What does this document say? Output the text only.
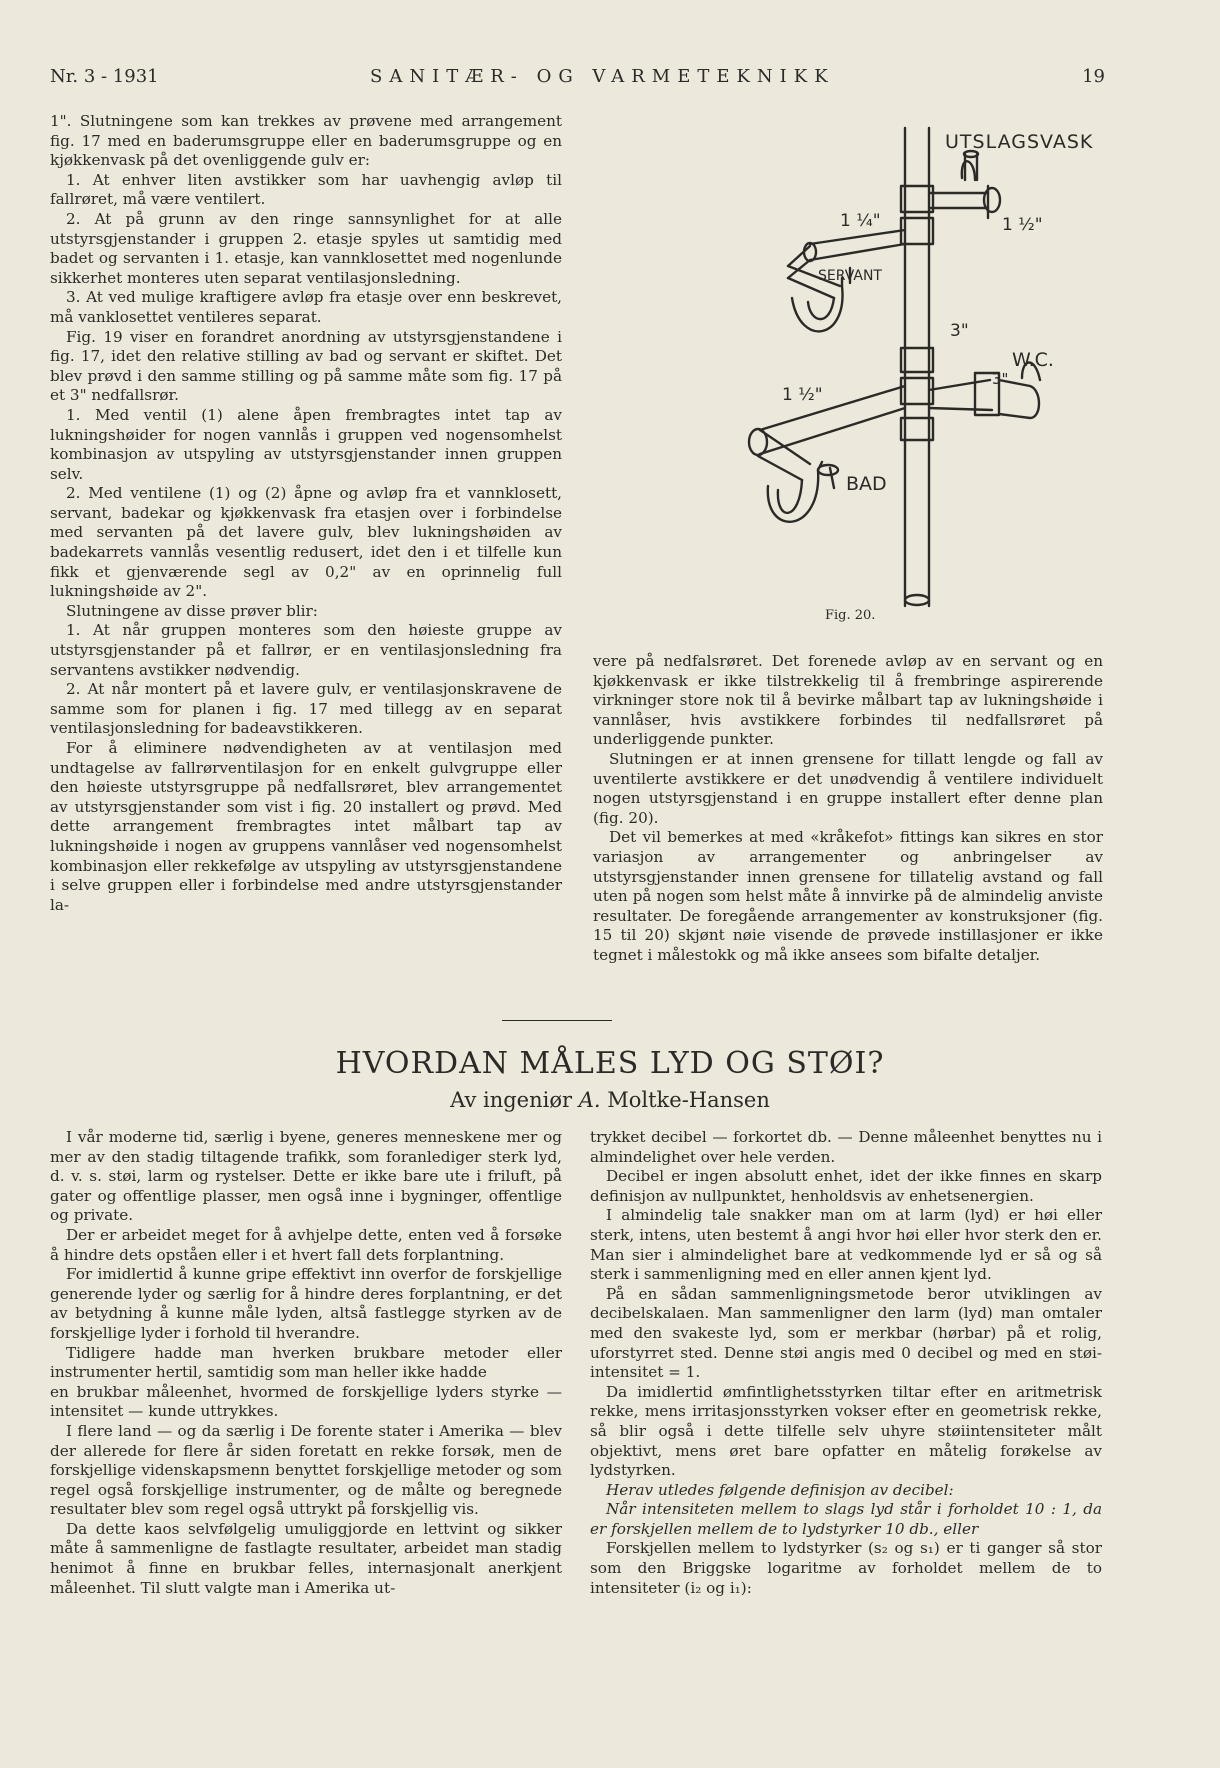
Nr. 3 - 1931	SANITÆR- OG VARMETEKNIKK	19

1". Slutningene som kan trekkes av prøvene med arrangement fig. 17 med en baderumsgruppe eller en baderumsgruppe og en kjøkkenvask på det ovenliggende gulv er:

1. At enhver liten avstikker som har uavhengig avløp til fallrøret, må være ventilert.

2. At på grunn av den ringe sannsynlighet for at alle utstyrsgjenstander i gruppen 2. etasje spyles ut samtidig med badet og servanten i 1. etasje, kan vannklosettet med nogenlunde sikkerhet monteres uten separat ventilasjonsledning.

3. At ved mulige kraftigere avløp fra etasje over enn beskrevet, må vanklosettet ventileres separat.

Fig. 19 viser en forandret anordning av utstyrsgjenstandene i fig. 17, idet den relative stilling av bad og servant er skiftet. Det blev prøvd i den samme stilling og på samme måte som fig. 17 på et 3" nedfallsrør.

1. Med ventil (1) alene åpen frembragtes intet tap av lukningshøider for nogen vannlås i gruppen ved nogensomhelst kombinasjon av utspyling av utstyrsgjenstander innen gruppen selv.

2. Med ventilene (1) og (2) åpne og avløp fra et vannklosett, servant, badekar og kjøkkenvask fra etasjen over i forbindelse med servanten på det lavere gulv, blev lukningshøiden av badekarrets vannlås vesentlig redusert, idet den i et tilfelle kun fikk et gjenværende segl av 0,2" av en oprinnelig full lukningshøide av 2".

Slutningene av disse prøver blir:

1. At når gruppen monteres som den høieste gruppe av utstyrsgjenstander på et fallrør, er en ventilasjonsledning fra servantens avstikker nødvendig.

2. At når montert på et lavere gulv, er ventilasjonskravene de samme som for planen i fig. 17 med tillegg av en separat ventilasjonsledning for badeavstikkeren.

For å eliminere nødvendigheten av at ventilasjon med undtagelse av fallrørventilasjon for en enkelt gulvgruppe eller den høieste utstyrsgruppe på nedfallsrøret, blev arrangementet av utstyrsgjenstander som vist i fig. 20 installert og prøvd. Med dette arrangement frembragtes intet målbart tap av lukningshøide i nogen av gruppens vannlåser ved nogensomhelst kombinasjon eller rekkefølge av utspyling av utstyrsgjenstandene i selve gruppen eller i forbindelse med andre utstyrsgjenstander la-

UTSLAGSVASK
1 ½"
1 ¼"
SERVANT
3"
W.C.
3"
1 ½"
BAD
Fig. 20.

vere på nedfalsrøret. Det forenede avløp av en servant og en kjøkkenvask er ikke tilstrekkelig til å frembringe aspirerende virkninger store nok til å bevirke målbart tap av lukningshøide i vannlåser, hvis avstikkere forbindes til nedfallsrøret på underliggende punkter.

Slutningen er at innen grensene for tillatt lengde og fall av uventilerte avstikkere er det unødvendig å ventilere individuelt nogen utstyrsgjenstand i en gruppe installert efter denne plan (fig. 20).

Det vil bemerkes at med «kråkefot» fittings kan sikres en stor variasjon av arrangementer og anbringelser av utstyrsgjenstander innen grensene for tillatelig avstand og fall uten på nogen som helst måte å innvirke på de almindelig anviste resultater. De foregående arrangementer av konstruksjoner (fig. 15 til 20) skjønt nøie visende de prøvede instillasjoner er ikke tegnet i målestokk og må ikke ansees som bifalte detaljer.

HVORDAN MÅLES LYD OG STØI?
Av ingeniør A. Moltke-Hansen

I vår moderne tid, særlig i byene, generes menneskene mer og mer av den stadig tiltagende trafikk, som foranlediger sterk lyd, d. v. s. støi, larm og rystelser. Dette er ikke bare ute i friluft, på gater og offentlige plasser, men også inne i bygninger, offentlige og private.

Der er arbeidet meget for å avhjelpe dette, enten ved å forsøke å hindre dets opståen eller i et hvert fall dets forplantning.

For imidlertid å kunne gripe effektivt inn overfor de forskjellige generende lyder og særlig for å hindre deres forplantning, er det av betydning å kunne måle lyden, altså fastlegge styrken av de forskjellige lyder i forhold til hverandre.

Tidligere hadde man hverken brukbare metoder eller instrumenter hertil, samtidig som man heller ikke hadde

en brukbar måleenhet, hvormed de forskjellige lyders styrke — intensitet — kunde uttrykkes.

I flere land — og da særlig i De forente stater i Amerika — blev der allerede for flere år siden foretatt en rekke forsøk, men de forskjellige videnskapsmenn benyttet forskjellige metoder og som regel også forskjellige instrumenter, og de målte og beregnede resultater blev som regel også uttrykt på forskjellig vis.

Da dette kaos selvfølgelig umuliggjorde en lettvint og sikker måte å sammenligne de fastlagte resultater, arbeidet man stadig henimot å finne en brukbar felles, internasjonalt anerkjent måleenhet. Til slutt valgte man i Amerika ut-

trykket decibel — forkortet db. — Denne måleenhet benyttes nu i almindelighet over hele verden.

Decibel er ingen absolutt enhet, idet der ikke finnes en skarp definisjon av nullpunktet, henholdsvis av enhetsenergien.

I almindelig tale snakker man om at larm (lyd) er høi eller sterk, intens, uten bestemt å angi hvor høi eller hvor sterk den er. Man sier i almindelighet bare at vedkommende lyd er så og så sterk i sammenligning med en eller annen kjent lyd.

På en sådan sammenligningsmetode beror utviklingen av decibelskalaen. Man sammenligner den larm (lyd) man omtaler med den svakeste lyd, som er merkbar (hørbar) på et rolig, uforstyrret sted. Denne støi angis med 0 decibel og med en støi-intensitet = 1.

Da imidlertid ømfintlighetsstyrken tiltar efter en aritmetrisk rekke, mens irritasjonsstyrken vokser efter en geometrisk rekke, så blir også i dette tilfelle selv uhyre støiintensiteter målt objektivt, mens øret bare opfatter en måtelig forøkelse av lydstyrken.

Herav utledes følgende definisjon av decibel:

Når intensiteten mellem to slags lyd står i forholdet 10 : 1, da er forskjellen mellem de to lydstyrker 10 db., eller

Forskjellen mellem to lydstyrker (s₂ og s₁) er ti ganger så stor som den Briggske logaritme av forholdet mellem de to intensiteter (i₂ og i₁):
